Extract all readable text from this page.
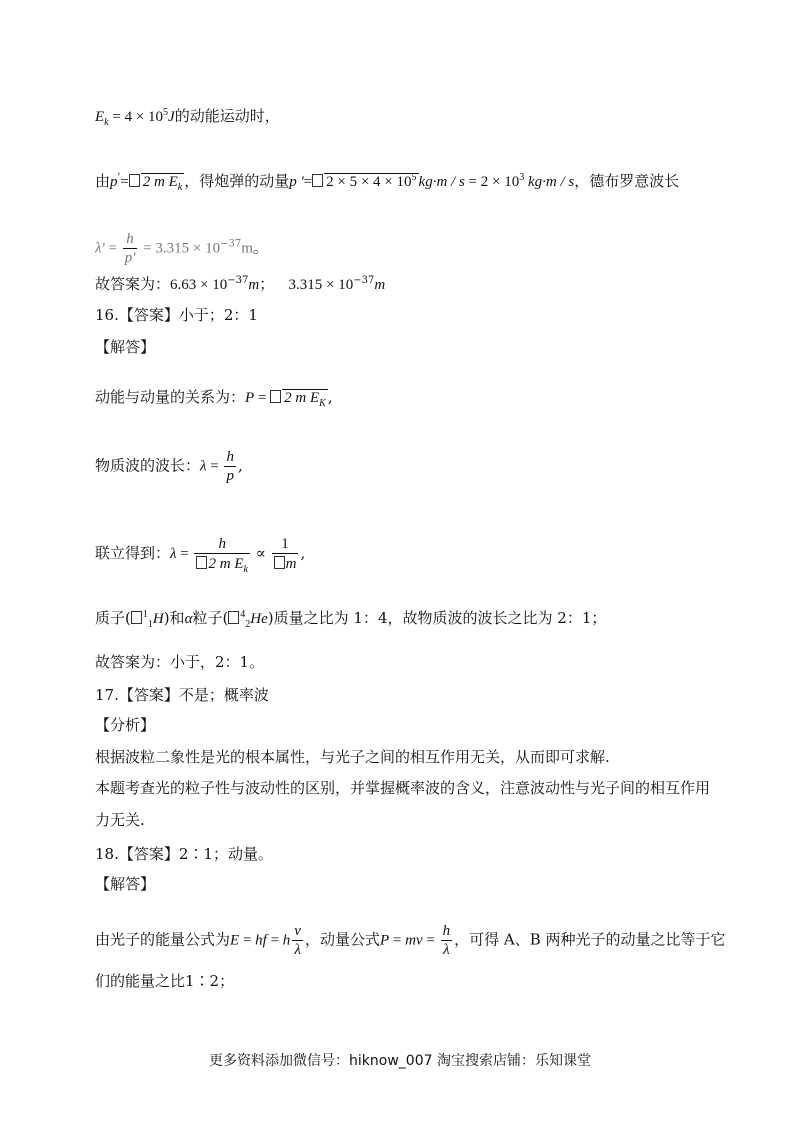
$E_k = 4 \times 10^5J$的动能运动时，
由p'= 2 m $E_k$ ，得炮弹的动量p '= $2 \times 5 \times 4 \times 10^5$ $kg\cdot m / s = 2 \times 10^3$ kg·m / s，德布罗意波长
$\lambda' = \frac{h}{p'} = 3.315 \times 10^{-37}m$。
故答案为：$6.63 \times 10^{-37}m$； $3.315 \times 10^{-37}m$
16.【答案】小于；2：1
【解答】
动能与动量的关系为：P = 2 m $E_K$ ,
物质波的波长：$\lambda = \frac{h}{p}$ ,
联立得到：$\lambda = \frac{h}{2 m E_k} \propto \frac{1}{m}$ ,
质子( $^1_1$H)和α粒子( $^4_2$He)质量之比为 1：4，故物质波的波长之比为 2：1；
故答案为：小于，2：1。
17.【答案】不是；概率波
【分析】
根据波粒二象性是光的根本属性，与光子之间的相互作用无关，从而即可求解.
本题考查光的粒子性与波动性的区别，并掌握概率波的含义，注意波动性与光子间的相互作用力无关.
18.【答案】2∶1；动量。
【解答】
由光子的能量公式为E = hf = h $\frac{v}{\lambda}$ ，动量公式P = mv = $\frac{h}{\lambda}$ ，可得 A、B 两种光子的动量之比等于它
们的能量之比1∶2；
更多资料添加微信号：hiknow_007 淘宝搜索店铺：乐知课堂
